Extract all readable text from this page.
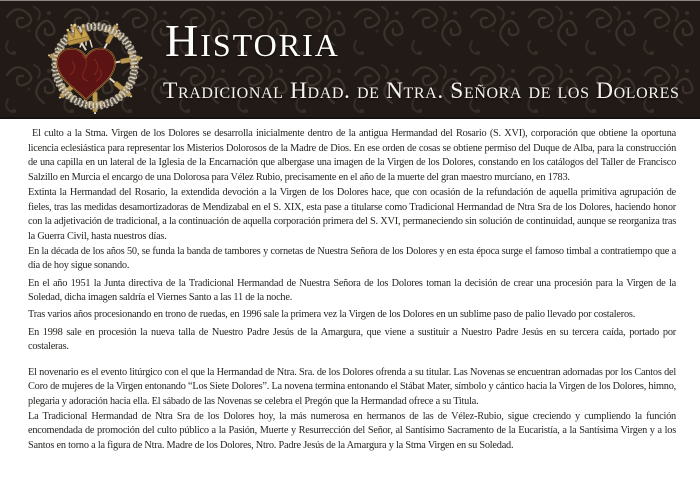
Historia
Tradicional Hdad. de Ntra. Señora de los Dolores

El culto a la Stma. Virgen de los Dolores se desarrolla inicialmente dentro de la antigua Hermandad del Rosario (S. XVI), corporación que obtiene la oportuna licencia eclesiástica para representar los Misterios Dolorosos de la Madre de Dios. En ese orden de cosas se obtiene permiso del Duque de Alba, para la construcción de una capilla en un lateral de la Iglesia de la Encarnación que albergase una imagen de la Virgen de los Dolores, constando en los catálogos del Taller de Francisco Salzillo en Murcia el encargo de una Dolorosa para Vélez Rubio, precisamente en el año de la muerte del gran maestro murciano, en 1783.

Extinta la Hermandad del Rosario, la extendida devoción a la Virgen de los Dolores hace, que con ocasión de la refundación de aquella primitiva agrupación de fieles, tras las medidas desamortizadoras de Mendizabal en el S. XIX, esta pase a titularse como Tradicional Hermandad de Ntra Sra de los Dolores, haciendo honor con la adjetivación de tradicional, a la continuación de aquella corporación primera del S. XVI, permaneciendo sin solución de continuidad, aunque se reorganiza tras la Guerra Civil, hasta nuestros días.

En la década de los años 50, se funda la banda de tambores y cornetas de Nuestra Señora de los Dolores y en esta época surge el famoso timbal a contratiempo que a día de hoy sigue sonando.

En el año 1951 la Junta directiva de la Tradicional Hermandad de Nuestra Señora de los Dolores toman la decisión de crear una procesión para la Virgen de la Soledad, dicha imagen saldría el Viernes Santo a las 11 de la noche.

Tras varios años procesionando en trono de ruedas, en 1996 sale la primera vez la Virgen de los Dolores en un sublime paso de palio llevado por costaleros.

En 1998 sale en procesión la nueva talla de Nuestro Padre Jesús de la Amargura, que viene a sustituir a Nuestro Padre Jesús en su tercera caída, portado por costaleras.

El novenario es el evento litúrgico con el que la Hermandad de Ntra. Sra. de los Dolores ofrenda a su titular. Las Novenas se encuentran adornadas por los Cantos del Coro de mujeres de la Virgen entonando “Los Siete Dolores”. La novena termina entonando el Stábat Mater, símbolo y cántico hacia la Virgen de los Dolores, himno, plegaria y adoración hacia ella. El sábado de las Novenas se celebra el Pregón que la Hermandad ofrece a su Titula.

La Tradicional Hermandad de Ntra Sra de los Dolores hoy, la más numerosa en hermanos de las de Vélez-Rubio, sigue creciendo y cumpliendo la función encomendada de promoción del culto público a la Pasión, Muerte y Resurrección del Señor, al Santísimo Sacramento de la Eucaristía, a la Santísima Virgen y a los Santos en torno a la figura de Ntra. Madre de los Dolores, Ntro. Padre Jesús de la Amargura y la Stma Virgen en su Soledad.
